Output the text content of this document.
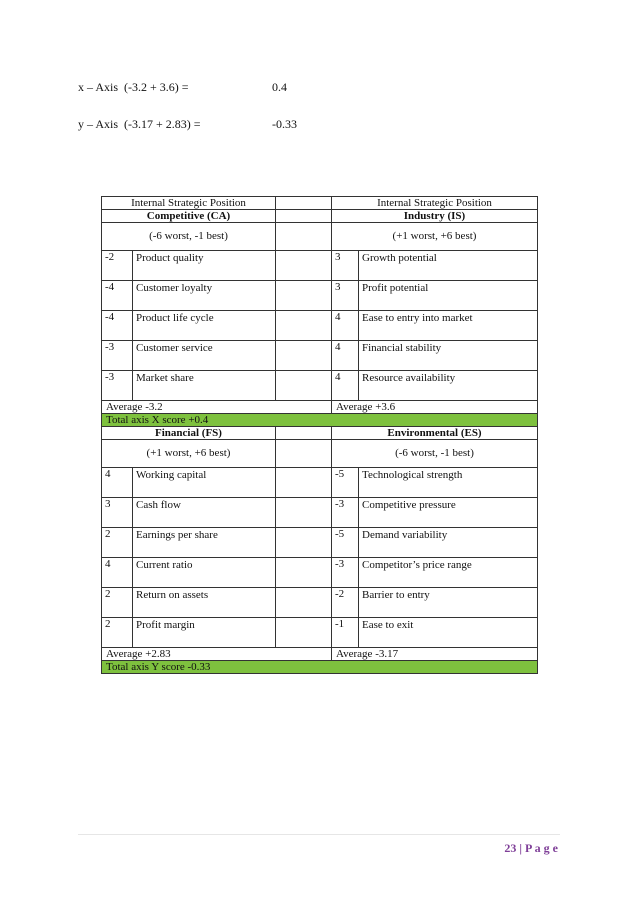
x – Axis  (-3.2 + 3.6) =	0.4
y – Axis  (-3.17 + 2.83) =	-0.33
Internal Strategic Position			Internal Strategic Position	
Competitive (CA)			Industry (IS)	
(-6 worst, -1 best)			(+1 worst, +6 best)	
-2	Product quality		3	Growth potential
-4	Customer loyalty		3	Profit potential
-4	Product life cycle		4	Ease to entry into market
-3	Customer service		4	Financial stability
-3	Market share		4	Resource availability
Average -3.2			Average +3.6	
Total axis X score +0.4				
Financial (FS)			Environmental (ES)	
(+1 worst, +6 best)			(-6 worst, -1 best)	
4	Working capital		-5	Technological strength
3	Cash flow		-3	Competitive pressure
2	Earnings per share		-5	Demand variability
4	Current ratio		-3	Competitor’s price range
2	Return on assets		-2	Barrier to entry
2	Profit margin		-1	Ease to exit
Average +2.83			Average -3.17	
Total axis Y score -0.33				
23 | P a g e
